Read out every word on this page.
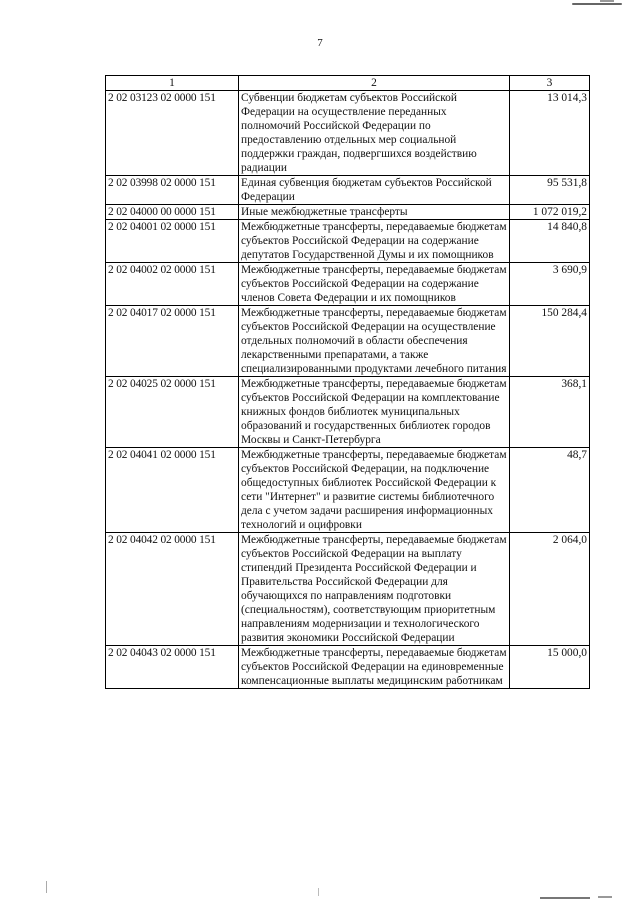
7
1	2	3
2 02 03123 02 0000 151	Субвенции бюджетам субъектов Российской Федерации на осуществление переданных полномочий Российской Федерации по предоставлению отдельных мер социальной поддержки граждан, подвергшихся воздействию радиации	13 014,3
2 02 03998 02 0000 151	Единая субвенция бюджетам субъектов Российской Федерации	95 531,8
2 02 04000 00 0000 151	Иные межбюджетные трансферты	1 072 019,2
2 02 04001 02 0000 151	Межбюджетные трансферты, передаваемые бюджетам субъектов Российской Федерации на содержание депутатов Государственной Думы и их помощников	14 840,8
2 02 04002 02 0000 151	Межбюджетные трансферты, передаваемые бюджетам субъектов Российской Федерации на содержание членов Совета Федерации и их помощников	3 690,9
2 02 04017 02 0000 151	Межбюджетные трансферты, передаваемые бюджетам субъектов Российской Федерации на осуществление отдельных полномочий в области обеспечения лекарственными препаратами, а также специализированными продуктами лечебного питания	150 284,4
2 02 04025 02 0000 151	Межбюджетные трансферты, передаваемые бюджетам субъектов Российской Федерации на комплектование книжных фондов библиотек муниципальных образований и государственных библиотек городов Москвы и Санкт-Петербурга	368,1
2 02 04041 02 0000 151	Межбюджетные трансферты, передаваемые бюджетам субъектов Российской Федерации, на подключение общедоступных библиотек Российской Федерации к сети "Интернет" и развитие системы библиотечного дела с учетом задачи расширения информационных технологий и оцифровки	48,7
2 02 04042 02 0000 151	Межбюджетные трансферты, передаваемые бюджетам субъектов Российской Федерации на выплату стипендий Президента Российской Федерации и Правительства Российской Федерации для обучающихся по направлениям подготовки (специальностям), соответствующим приоритетным направлениям модернизации и технологического развития экономики Российской Федерации	2 064,0
2 02 04043 02 0000 151	Межбюджетные трансферты, передаваемые бюджетам субъектов Российской Федерации на единовременные компенсационные выплаты медицинским работникам	15 000,0
